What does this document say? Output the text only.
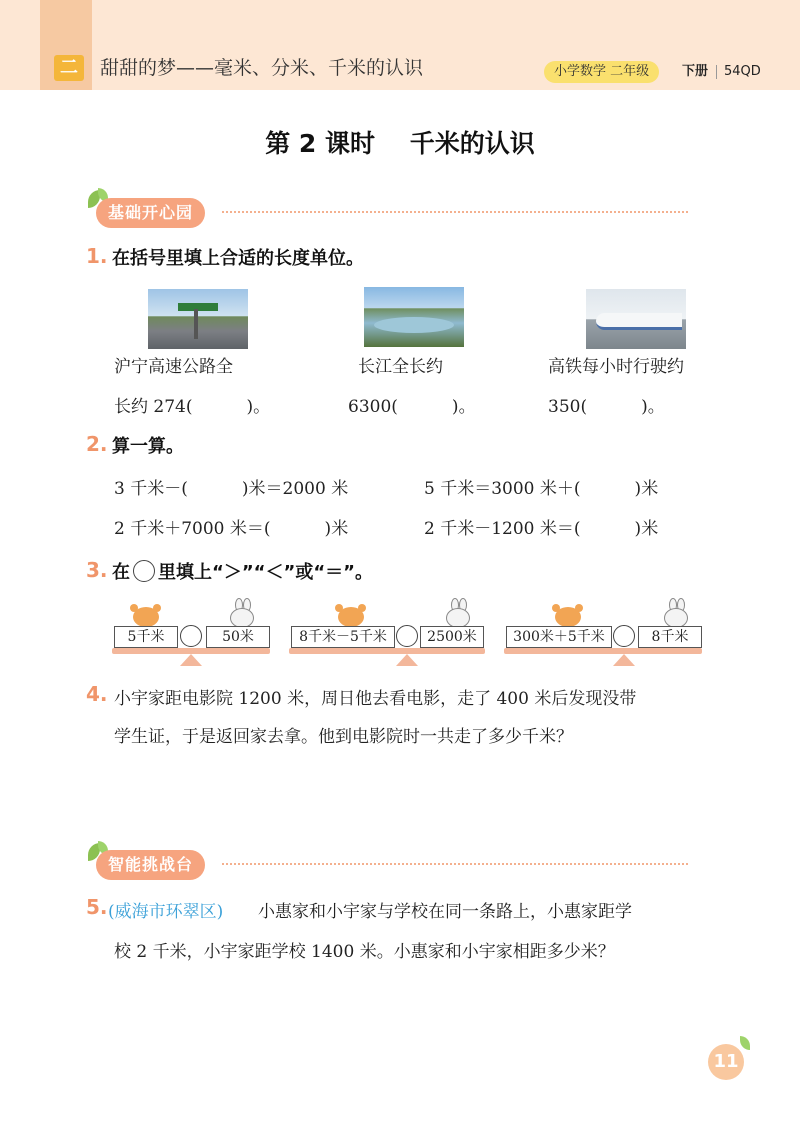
二	甜甜的梦——毫米、分米、千米的认识	小学数学 二年级	下册 54QD
第 2 课时    千米的认识
基础开心园
1. 在括号里填上合适的长度单位。
沪宁高速公路全
长约 274(          )。
长江全长约
6300(          )。
高铁每小时行驶约
350(          )。
2. 算一算。
3 千米－(          )米＝2000 米	5 千米＝3000 米＋(          )米
2 千米＋7000 米＝(          )米	2 千米－1200 米＝(          )米
3. 在 里填上“＞”“＜”或“＝”。
5千米	50米	8千米－5千米	2500米	300米＋5千米	8千米
4. 小宇家距电影院 1200 米，周日他去看电影，走了 400 米后发现没带
学生证，于是返回家去拿。他到电影院时一共走了多少千米？
智能挑战台
5. (威海市环翠区) 小惠家和小宇家与学校在同一条路上，小惠家距学
校 2 千米，小宇家距学校 1400 米。小惠家和小宇家相距多少米？
11
